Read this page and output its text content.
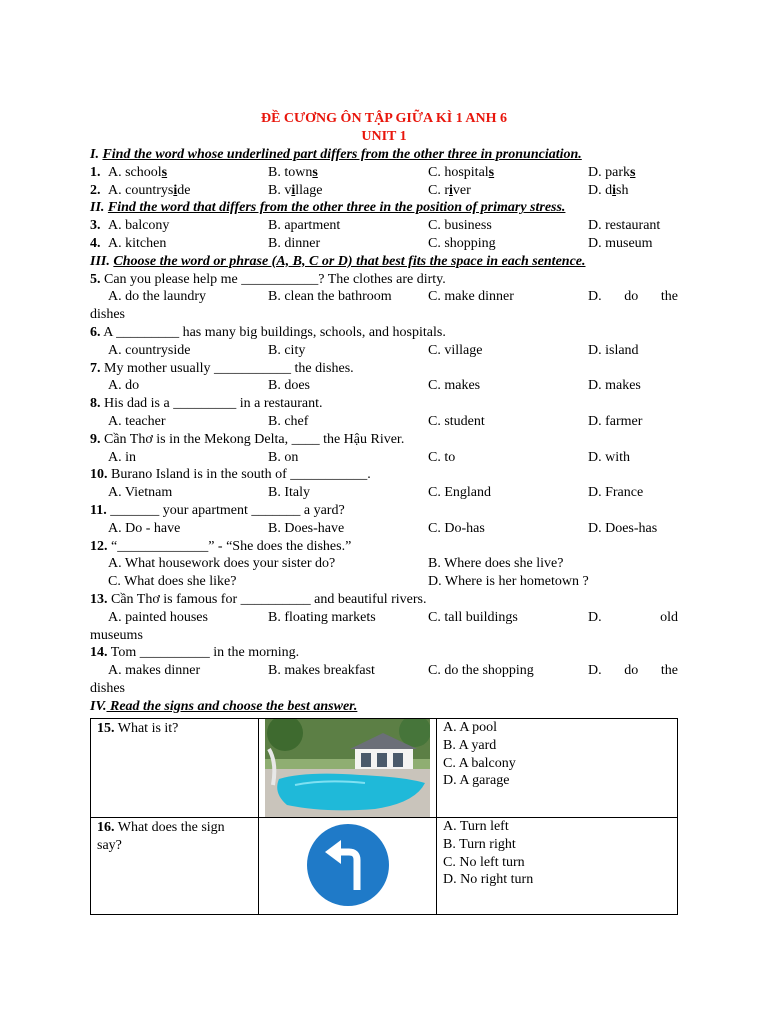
ĐỀ CƯƠNG ÔN TẬP GIỮA KÌ 1 ANH 6
UNIT 1
I. Find the word whose underlined part differs from the other three in pronunciation.
1. A. schools	B. towns	C. hospitals	D. parks
2. A. countryside	B. village	C. river	D. dish
II. Find the word that differs from the other three in the position of primary stress.
3. A. balcony	B. apartment	C. business	D. restaurant
4. A. kitchen	B. dinner	C. shopping	D. museum
III. Choose the word or phrase (A, B, C or D) that best fits the space in each sentence.
5. Can you please help me ___________? The clothes are dirty.
A. do the laundry	B. clean the bathroom	C. make dinner	D. do the
dishes
6. A _________ has many big buildings, schools, and hospitals.
A. countryside	B. city	C. village	D. island
7. My mother usually ___________ the dishes.
A. do	B. does	C. makes	D. makes
8. His dad is a _________ in a restaurant.
A. teacher	B. chef	C. student	D. farmer
9. Cần Thơ is in the Mekong Delta, ____ the Hậu River.
A. in	B. on	C. to	D. with
10. Burano Island is in the south of ___________.
A. Vietnam	B. Italy	C. England	D. France
11. _______ your apartment _______ a yard?
A. Do - have	B. Does-have	C. Do-has	D. Does-has
12. “_____________” - “She does the dishes.”
A. What housework does your sister do?	B. Where does she live?
C. What does she like?	D. Where is her hometown ?
13. Cần Thơ is famous for __________ and beautiful rivers.
A. painted houses	B. floating markets	C. tall buildings	D.	old
museums
14. Tom __________ in the morning.
A. makes dinner	B. makes breakfast	C. do the shopping	D. do the
dishes
IV. Read the signs and choose the best answer.
15. What is it?		A. A pool
B. A yard
C. A balcony
D. A garage

16. What does the sign say?		A. Turn left
B. Turn right
C. No left turn
D. No right turn
